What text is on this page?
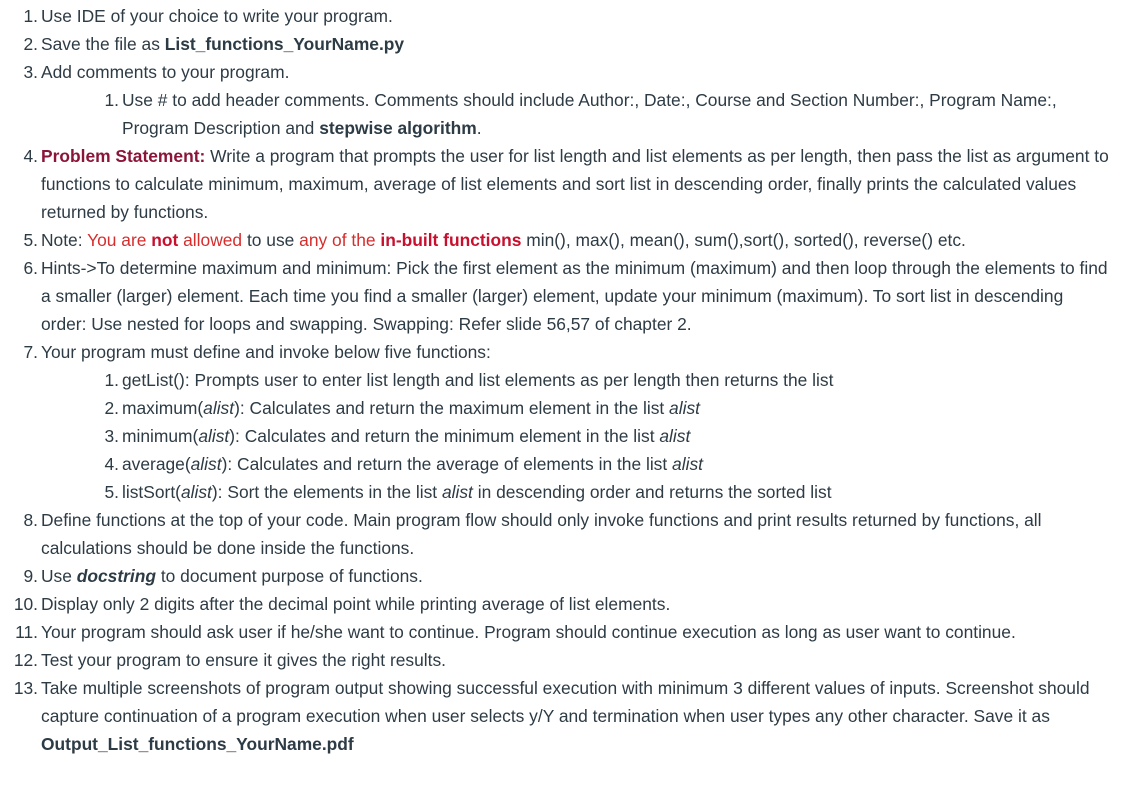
1. Use IDE of your choice to write your program.
2. Save the file as List_functions_YourName.py
3. Add comments to your program.
1. Use # to add header comments. Comments should include Author:, Date:, Course and Section Number:, Program Name:, Program Description and stepwise algorithm.
4. Problem Statement: Write a program that prompts the user for list length and list elements as per length, then pass the list as argument to functions to calculate minimum, maximum, average of list elements and sort list in descending order, finally prints the calculated values returned by functions.
5. Note: You are not allowed to use any of the in-built functions min(), max(), mean(), sum(),sort(), sorted(), reverse() etc.
6. Hints->To determine maximum and minimum: Pick the first element as the minimum (maximum) and then loop through the elements to find a smaller (larger) element. Each time you find a smaller (larger) element, update your minimum (maximum). To sort list in descending order: Use nested for loops and swapping. Swapping: Refer slide 56,57 of chapter 2.
7. Your program must define and invoke below five functions:
1. getList(): Prompts user to enter list length and list elements as per length then returns the list
2. maximum(alist): Calculates and return the maximum element in the list alist
3. minimum(alist): Calculates and return the minimum element in the list alist
4. average(alist): Calculates and return the average of elements in the list alist
5. listSort(alist): Sort the elements in the list alist in descending order and returns the sorted list
8. Define functions at the top of your code. Main program flow should only invoke functions and print results returned by functions, all calculations should be done inside the functions.
9. Use docstring to document purpose of functions.
10. Display only 2 digits after the decimal point while printing average of list elements.
11. Your program should ask user if he/she want to continue. Program should continue execution as long as user want to continue.
12. Test your program to ensure it gives the right results.
13. Take multiple screenshots of program output showing successful execution with minimum 3 different values of inputs. Screenshot should capture continuation of a program execution when user selects y/Y and termination when user types any other character. Save it as Output_List_functions_YourName.pdf
